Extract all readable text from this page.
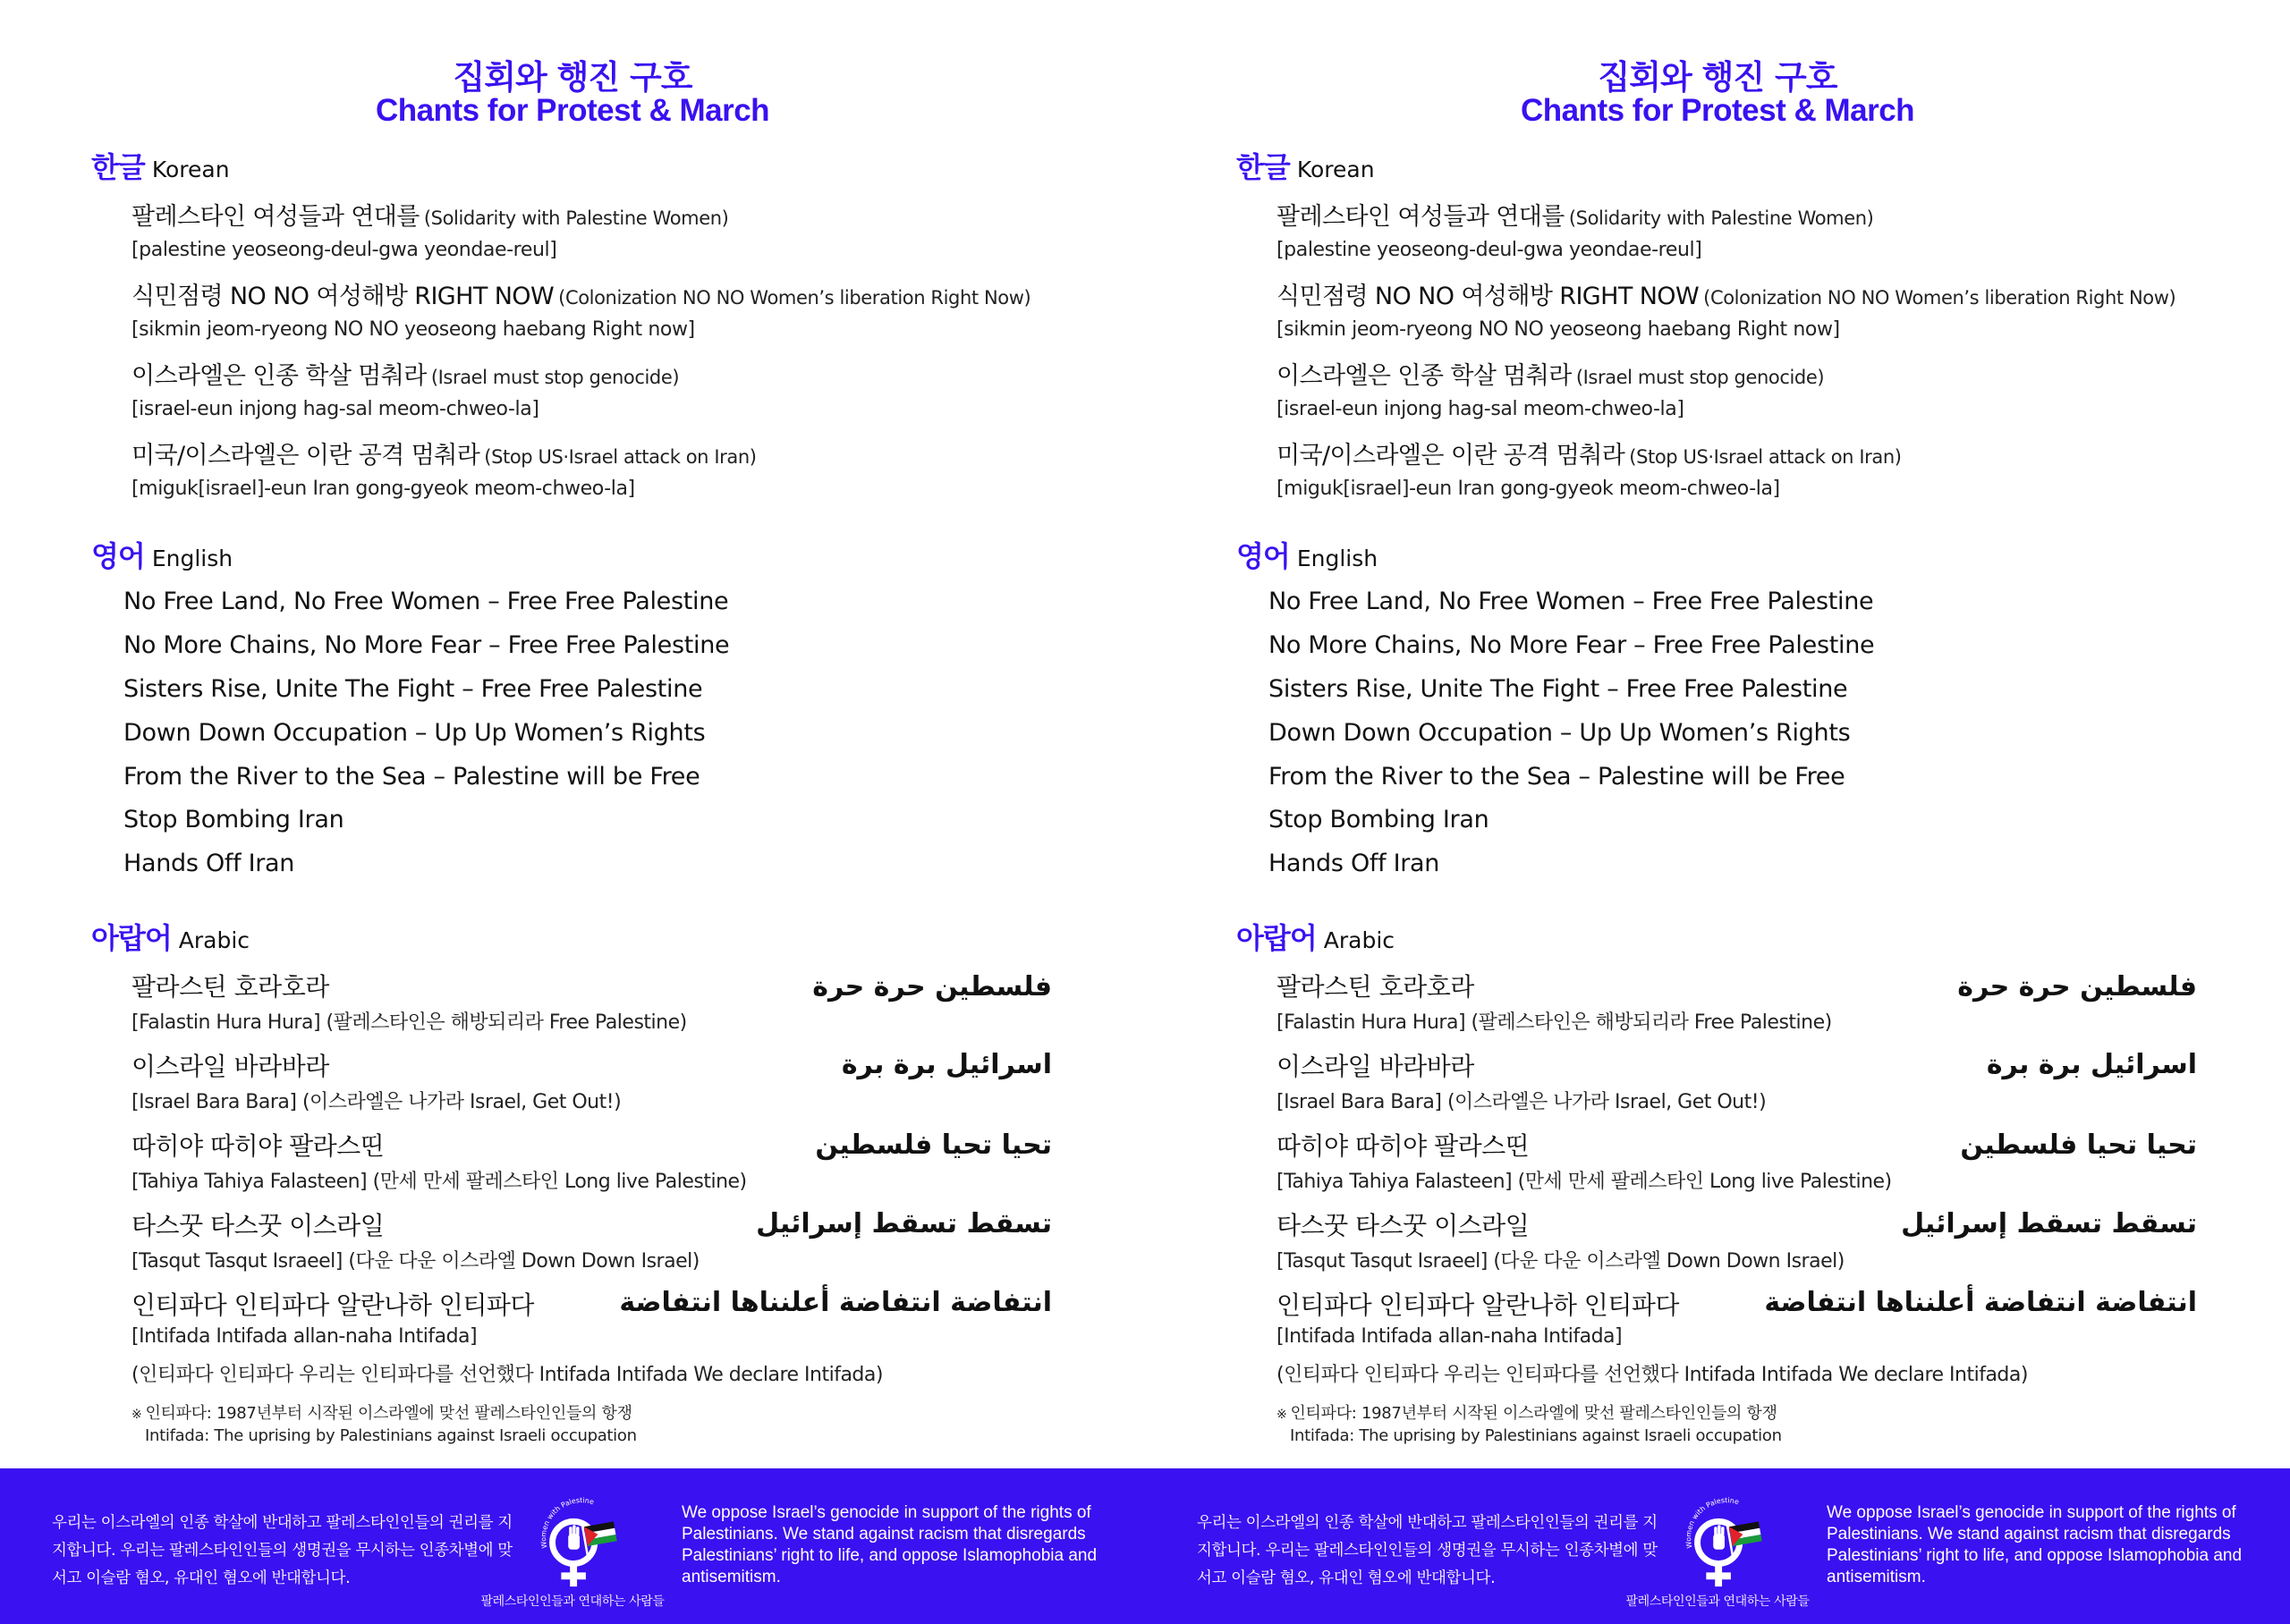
집회와 행진 구호
Chants for Protest & March
한글 Korean
팔레스타인 여성들과 연대를 (Solidarity with Palestine Women)
[palestine yeoseong-deul-gwa yeondae-reul]
식민점령 NO NO 여성해방 RIGHT NOW (Colonization NO NO Women’s liberation Right Now)
[sikmin jeom-ryeong NO NO yeoseong haebang Right now]
이스라엘은 인종 학살 멈춰라 (Israel must stop genocide)
[israel-eun injong hag-sal meom-chweo-la]
미국/이스라엘은 이란 공격 멈춰라 (Stop US·Israel attack on Iran)
[miguk[israel]-eun Iran gong-gyeok meom-chweo-la]
영어 English
No Free Land, No Free Women – Free Free Palestine
No More Chains, No More Fear – Free Free Palestine
Sisters Rise, Unite The Fight – Free Free Palestine
Down Down Occupation – Up Up Women’s Rights
From the River to the Sea – Palestine will be Free
Stop Bombing Iran
Hands Off Iran
아랍어 Arabic
팔라스틴 호라호라
[Falastin Hura Hura] (팔레스타인은 해방되리라 Free Palestine)
فلسطين حرة حرة
이스라일 바라바라
[Israel Bara Bara] (이스라엘은 나가라 Israel, Get Out!)
اسرائيل برة برة
따히야 따히야 팔라스띤
[Tahiya Tahiya Falasteen] (만세 만세 팔레스타인 Long live Palestine)
تحيا تحيا فلسطين
타스꿋 타스꿋 이스라일
[Tasqut Tasqut Israeel] (다운 다운 이스라엘 Down Down Israel)
تسقط تسقط إسرائيل
인티파다 인티파다 알란나하 인티파다
[Intifada Intifada allan-naha Intifada]
(인티파다 인티파다 우리는 인티파다를 선언했다 Intifada Intifada We declare Intifada)
انتفاضة انتفاضة أعلنناها انتفاضة
※ 인티파다: 1987년부터 시작된 이스라엘에 맞선 팔레스타인인들의 항쟁
Intifada: The uprising by Palestinians against Israeli occupation
우리는 이스라엘의 인종 학살에 반대하고 팔레스타인인들의 권리를 지지합니다. 우리는 팔레스타인인들의 생명권을 무시하는 인종차별에 맞서고 이슬람 혐오, 유대인 혐오에 반대합니다.
Women with Palestine
팔레스타인인들과 연대하는 사람들
We oppose Israel’s genocide in support of the rights of Palestinians. We stand against racism that disregards Palestinians’ right to life, and oppose Islamophobia and antisemitism.
집회와 행진 구호
Chants for Protest & March
한글 Korean
팔레스타인 여성들과 연대를 (Solidarity with Palestine Women)
[palestine yeoseong-deul-gwa yeondae-reul]
식민점령 NO NO 여성해방 RIGHT NOW (Colonization NO NO Women’s liberation Right Now)
[sikmin jeom-ryeong NO NO yeoseong haebang Right now]
이스라엘은 인종 학살 멈춰라 (Israel must stop genocide)
[israel-eun injong hag-sal meom-chweo-la]
미국/이스라엘은 이란 공격 멈춰라 (Stop US·Israel attack on Iran)
[miguk[israel]-eun Iran gong-gyeok meom-chweo-la]
영어 English
No Free Land, No Free Women – Free Free Palestine
No More Chains, No More Fear – Free Free Palestine
Sisters Rise, Unite The Fight – Free Free Palestine
Down Down Occupation – Up Up Women’s Rights
From the River to the Sea – Palestine will be Free
Stop Bombing Iran
Hands Off Iran
아랍어 Arabic
팔라스틴 호라호라
[Falastin Hura Hura] (팔레스타인은 해방되리라 Free Palestine)
فلسطين حرة حرة
이스라일 바라바라
[Israel Bara Bara] (이스라엘은 나가라 Israel, Get Out!)
اسرائيل برة برة
따히야 따히야 팔라스띤
[Tahiya Tahiya Falasteen] (만세 만세 팔레스타인 Long live Palestine)
تحيا تحيا فلسطين
타스꿋 타스꿋 이스라일
[Tasqut Tasqut Israeel] (다운 다운 이스라엘 Down Down Israel)
تسقط تسقط إسرائيل
인티파다 인티파다 알란나하 인티파다
[Intifada Intifada allan-naha Intifada]
(인티파다 인티파다 우리는 인티파다를 선언했다 Intifada Intifada We declare Intifada)
انتفاضة انتفاضة أعلنناها انتفاضة
※ 인티파다: 1987년부터 시작된 이스라엘에 맞선 팔레스타인인들의 항쟁
Intifada: The uprising by Palestinians against Israeli occupation
우리는 이스라엘의 인종 학살에 반대하고 팔레스타인인들의 권리를 지지합니다. 우리는 팔레스타인인들의 생명권을 무시하는 인종차별에 맞서고 이슬람 혐오, 유대인 혐오에 반대합니다.
Women with Palestine
팔레스타인인들과 연대하는 사람들
We oppose Israel’s genocide in support of the rights of Palestinians. We stand against racism that disregards Palestinians’ right to life, and oppose Islamophobia and antisemitism.
